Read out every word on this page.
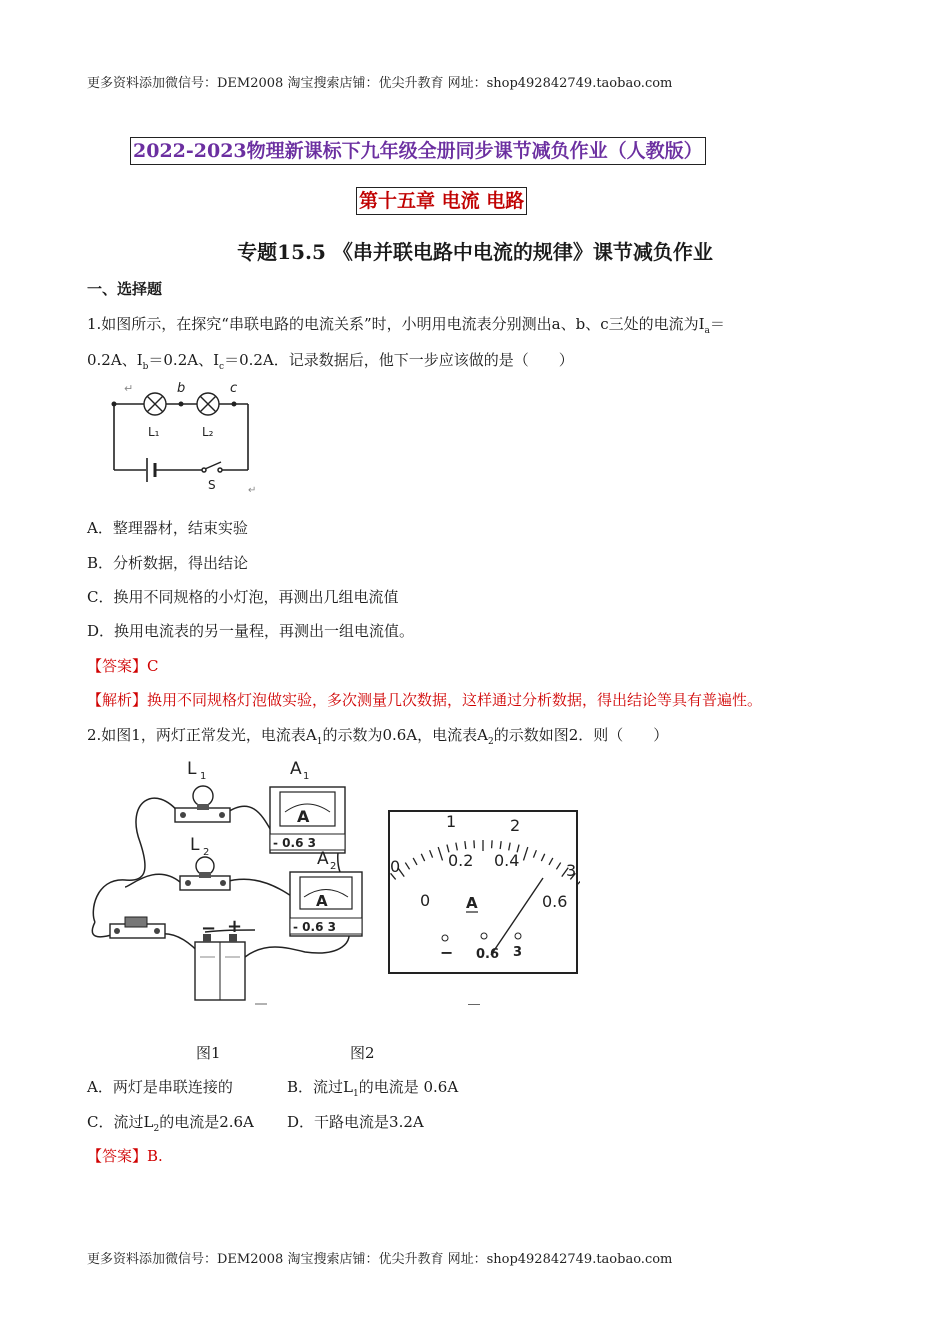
更多资料添加微信号：DEM2008 淘宝搜索店铺：优尖升教育 网址：shop492842749.taobao.com
2022-2023物理新课标下九年级全册同步课节减负作业（人教版）
第十五章 电流 电路
专题15.5 《串并联电路中电流的规律》课节减负作业
一、选择题
1.如图所示，在探究“串联电路的电流关系”时，小明用电流表分别测出a、b、c三处的电流为$I_a=$
0.2A、$I_b=0.2A$、$I_c=0.2A$．记录数据后，他下一步应该做的是（　　）
↵	b	c
L₁	L₂
S	↵
A．整理器材，结束实验
B．分析数据，得出结论
C．换用不同规格的小灯泡，再测出几组电流值
D．换用电流表的另一量程，再测出一组电流值。
【答案】C
【解析】换用不同规格灯泡做实验，多次测量几次数据，这样通过分析数据，得出结论等具有普遍性。
2.如图1，两灯正常发光，电流表$A_1$的示数为0.6A，电流表$A_2$的示数如图2．则（　　）
A
- 0.6 3
A
- 0.6 3
L 1
L 2
A 1
A 2
− +
0
1	2
3
0
0.2 0.4
0.6
A
− 0.6 3
图1	图2
A．两灯是串联连接的	B．流过$L_1$的电流是 0.6A
C．流过$L_2$的电流是2.6A D．干路电流是3.2A
【答案】B.
更多资料添加微信号：DEM2008 淘宝搜索店铺：优尖升教育 网址：shop492842749.taobao.com
